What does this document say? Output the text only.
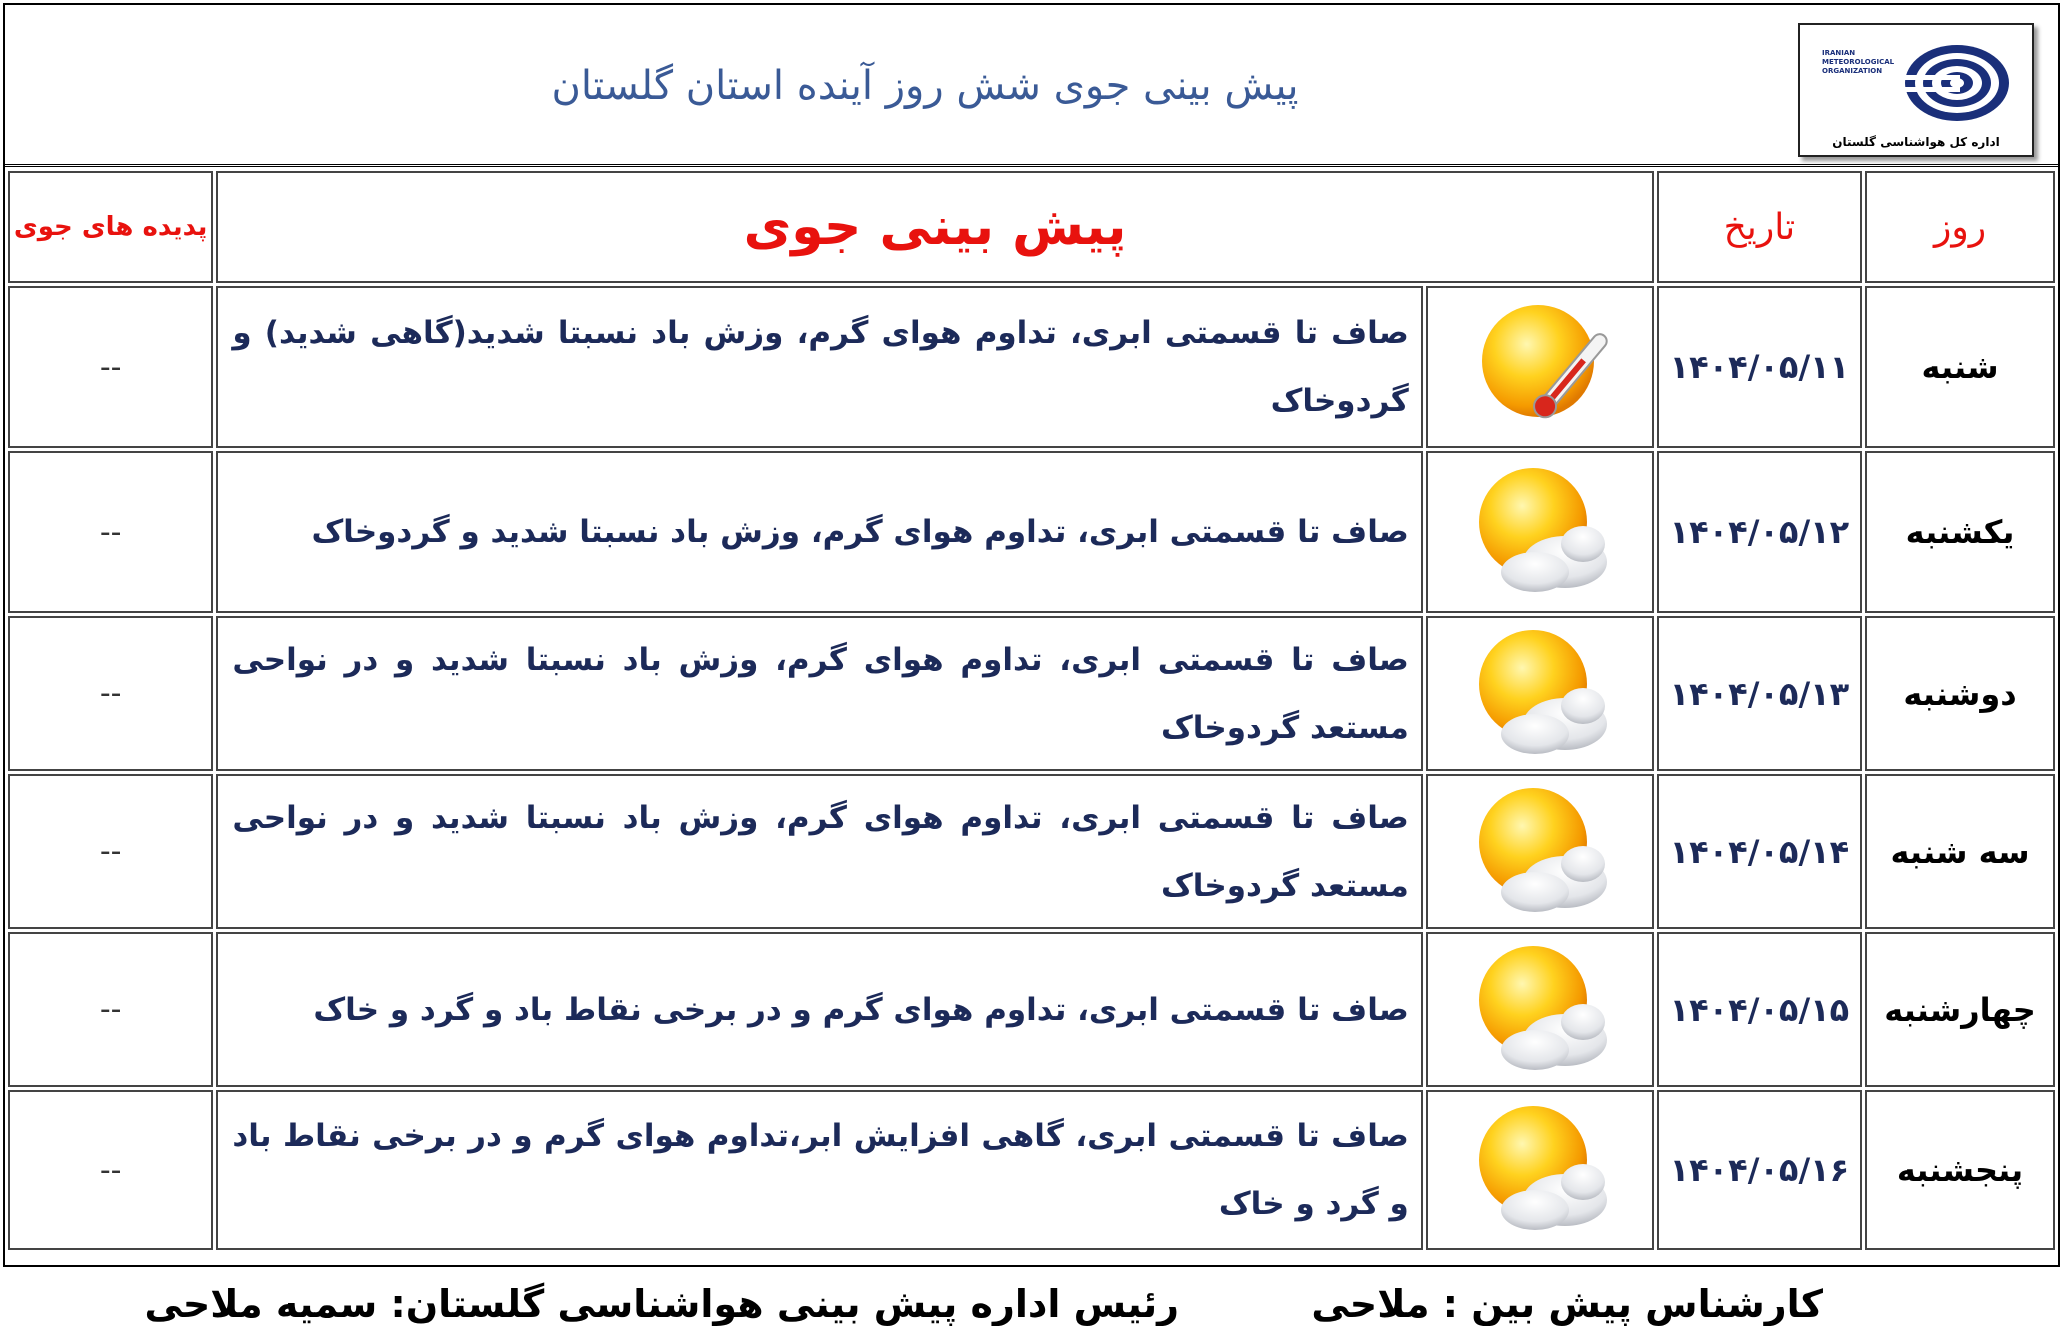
پیش بینی جوی شش روز آینده استان گلستان
IRANIAN METEOROLOGICAL ORGANIZATION
اداره کل هواشناسی گلستان
روز	تاریخ	پیش بینی جوی		پدیده های جوی
شنبه	۱۴۰۴/۰۵/۱۱		صاف تا قسمتی ابری، تداوم هوای گرم، وزش باد نسبتا شدید(گاهی شدید) و گردوخاک	--
یکشنبه	۱۴۰۴/۰۵/۱۲		صاف تا قسمتی ابری، تداوم هوای گرم، وزش باد نسبتا شدید و گردوخاک	--
دوشنبه	۱۴۰۴/۰۵/۱۳		صاف تا قسمتی ابری، تداوم هوای گرم، وزش باد نسبتا شدید و در نواحی مستعد گردوخاک	--
سه شنبه	۱۴۰۴/۰۵/۱۴		صاف تا قسمتی ابری، تداوم هوای گرم، وزش باد نسبتا شدید و در نواحی مستعد گردوخاک	--
چهارشنبه	۱۴۰۴/۰۵/۱۵		صاف تا قسمتی ابری، تداوم هوای گرم و در برخی نقاط باد و گرد و خاک	--
پنجشنبه	۱۴۰۴/۰۵/۱۶		صاف تا قسمتی ابری، گاهی افزایش ابر،تداوم هوای گرم و در برخی نقاط باد و گرد و خاک	--
کارشناس پیش بین : ملاحی
رئیس اداره پیش بینی هواشناسی گلستان: سمیه ملاحی
